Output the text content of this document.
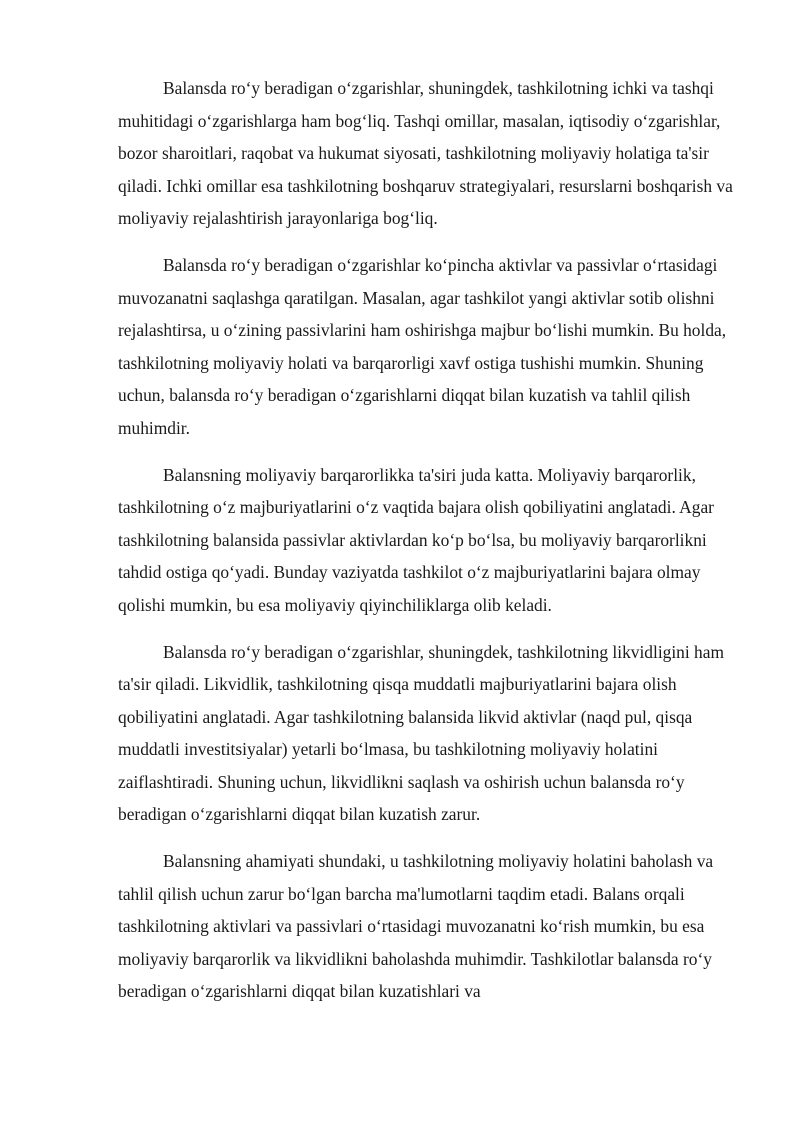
Balansda ro‘y beradigan o‘zgarishlar, shuningdek, tashkilotning ichki va tashqi muhitidagi o‘zgarishlarga ham bog‘liq. Tashqi omillar, masalan, iqtisodiy o‘zgarishlar, bozor sharoitlari, raqobat va hukumat siyosati, tashkilotning moliyaviy holatiga ta'sir qiladi. Ichki omillar esa tashkilotning boshqaruv strategiyalari, resurslarni boshqarish va moliyaviy rejalashtirish jarayonlariga bog‘liq.

Balansda ro‘y beradigan o‘zgarishlar ko‘pincha aktivlar va passivlar o‘rtasidagi muvozanatni saqlashga qaratilgan. Masalan, agar tashkilot yangi aktivlar sotib olishni rejalashtirsa, u o‘zining passivlarini ham oshirishga majbur bo‘lishi mumkin. Bu holda, tashkilotning moliyaviy holati va barqarorligi xavf ostiga tushishi mumkin. Shuning uchun, balansda ro‘y beradigan o‘zgarishlarni diqqat bilan kuzatish va tahlil qilish muhimdir.

Balansning moliyaviy barqarorlikka ta'siri juda katta. Moliyaviy barqarorlik, tashkilotning o‘z majburiyatlarini o‘z vaqtida bajara olish qobiliyatini anglatadi. Agar tashkilotning balansida passivlar aktivlardan ko‘p bo‘lsa, bu moliyaviy barqarorlikni tahdid ostiga qo‘yadi. Bunday vaziyatda tashkilot o‘z majburiyatlarini bajara olmay qolishi mumkin, bu esa moliyaviy qiyinchiliklarga olib keladi.

Balansda ro‘y beradigan o‘zgarishlar, shuningdek, tashkilotning likvidligini ham ta'sir qiladi. Likvidlik, tashkilotning qisqa muddatli majburiyatlarini bajara olish qobiliyatini anglatadi. Agar tashkilotning balansida likvid aktivlar (naqd pul, qisqa muddatli investitsiyalar) yetarli bo‘lmasa, bu tashkilotning moliyaviy holatini zaiflashtiradi. Shuning uchun, likvidlikni saqlash va oshirish uchun balansda ro‘y beradigan o‘zgarishlarni diqqat bilan kuzatish zarur.

Balansning ahamiyati shundaki, u tashkilotning moliyaviy holatini baholash va tahlil qilish uchun zarur bo‘lgan barcha ma'lumotlarni taqdim etadi. Balans orqali tashkilotning aktivlari va passivlari o‘rtasidagi muvozanatni ko‘rish mumkin, bu esa moliyaviy barqarorlik va likvidlikni baholashda muhimdir. Tashkilotlar balansda ro‘y beradigan o‘zgarishlarni diqqat bilan kuzatishlari va
